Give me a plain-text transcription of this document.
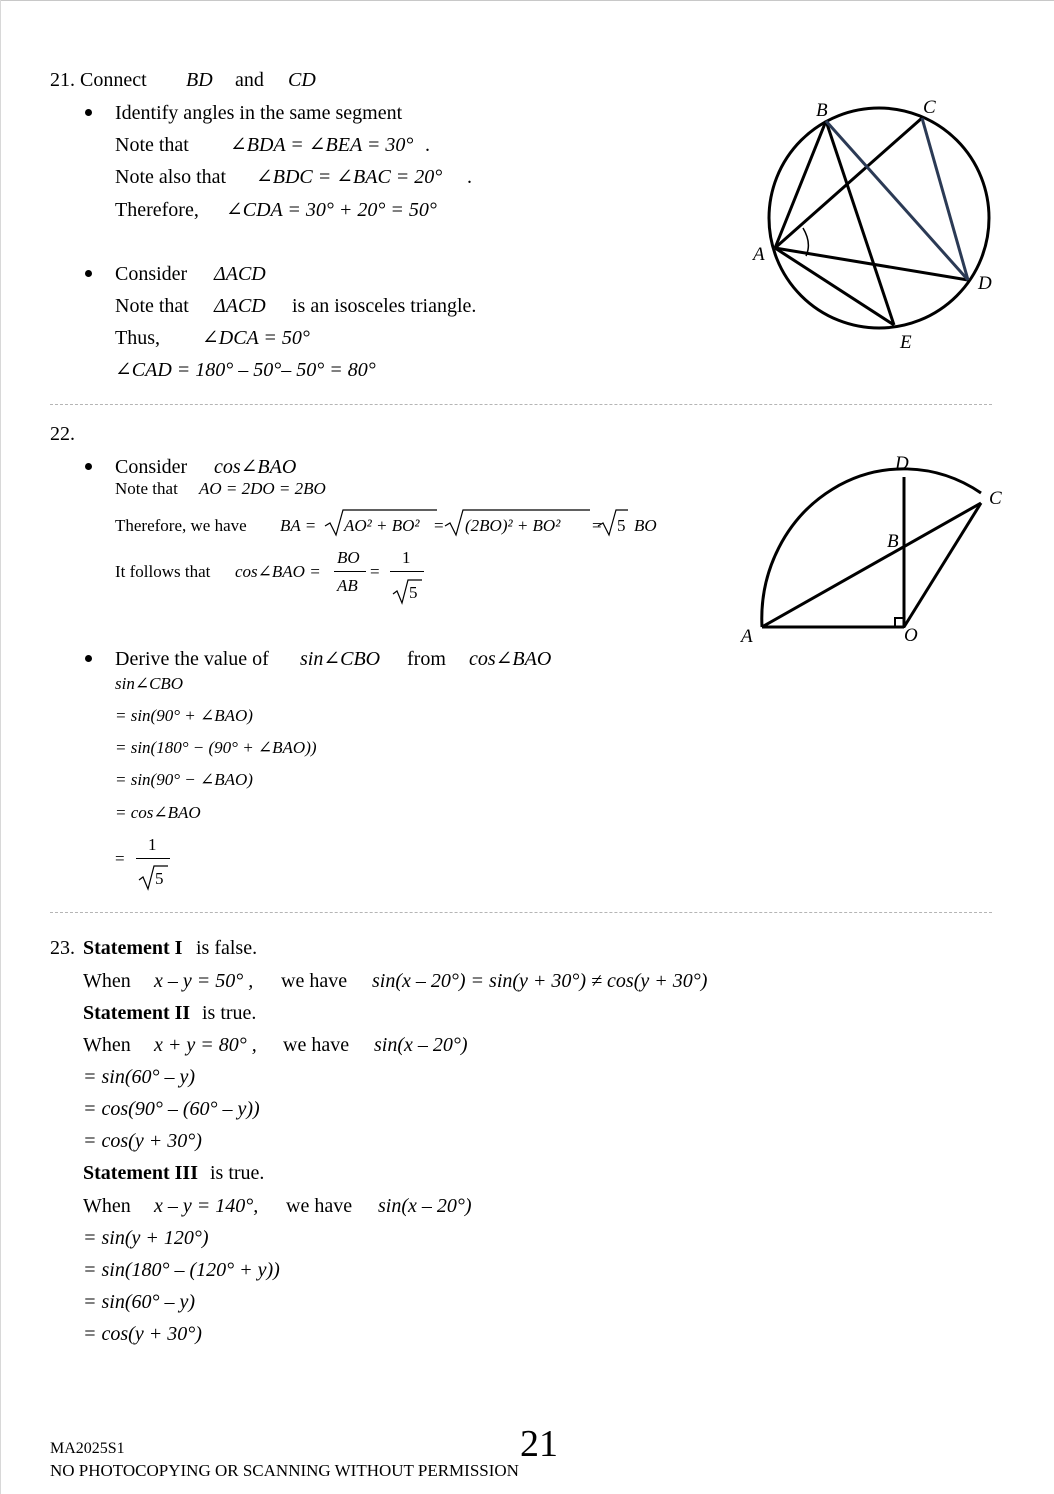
21. Connect BD and CD
Identify angles in the same segment
Note that ∠BDA = ∠BEA = 30° .
Note also that ∠BDC = ∠BAC = 20° .
Therefore, ∠CDA = 30° + 20° = 50°
Consider ΔACD
Note that ΔACD is an isosceles triangle.
Thus, ∠DCA = 50°
∠CAD = 180° – 50°– 50° = 80°
A
B	C
D
E
22.
Consider cos∠BAO
Note that AO = 2DO = 2BO
Therefore, we have BA = AO² + BO² = (2BO)² + BO² = 5 BO
It follows that cos∠BAO =
BO
AB
=
1
5
Derive the value of sin∠CBO from cos∠BAO
sin∠CBO
= sin(90° + ∠BAO)
= sin(180° − (90° + ∠BAO))
= sin(90° − ∠BAO)
= cos∠BAO
=
1
5
A
B
C
D
O
23. Statement I is false.
When x – y = 50° , we have sin(x – 20°) = sin(y + 30°) ≠ cos(y + 30°)
Statement II is true.
When x + y = 80° , we have sin(x – 20°)
= sin(60° – y)
= cos(90° – (60° – y))
= cos(y + 30°)
Statement III is true.
When x – y = 140°, we have sin(x – 20°)
= sin(y + 120°)
= sin(180° – (120° + y))
= sin(60° – y)
= cos(y + 30°)
MA2025S1	21
NO PHOTOCOPYING OR SCANNING WITHOUT PERMISSION
